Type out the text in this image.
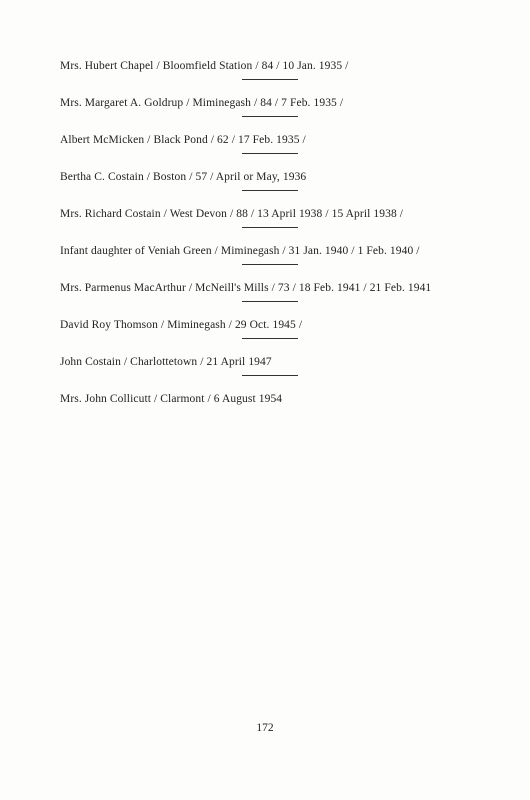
Mrs. Hubert Chapel / Bloomfield Station / 84 / 10 Jan. 1935 /
Mrs. Margaret A. Goldrup / Miminegash / 84 / 7 Feb. 1935 /
Albert McMicken / Black Pond / 62 / 17 Feb. 1935 /
Bertha C. Costain / Boston / 57 / April or May, 1936
Mrs. Richard Costain / West Devon / 88 / 13 April 1938 / 15 April 1938 /
Infant daughter of Veniah Green / Miminegash / 31 Jan. 1940 / 1 Feb. 1940 /
Mrs. Parmenus MacArthur / McNeill's Mills / 73 / 18 Feb. 1941 / 21 Feb. 1941
David Roy Thomson / Miminegash / 29 Oct. 1945 /
John Costain / Charlottetown / 21 April 1947
Mrs. John Collicutt / Clarmont / 6 August 1954
172
